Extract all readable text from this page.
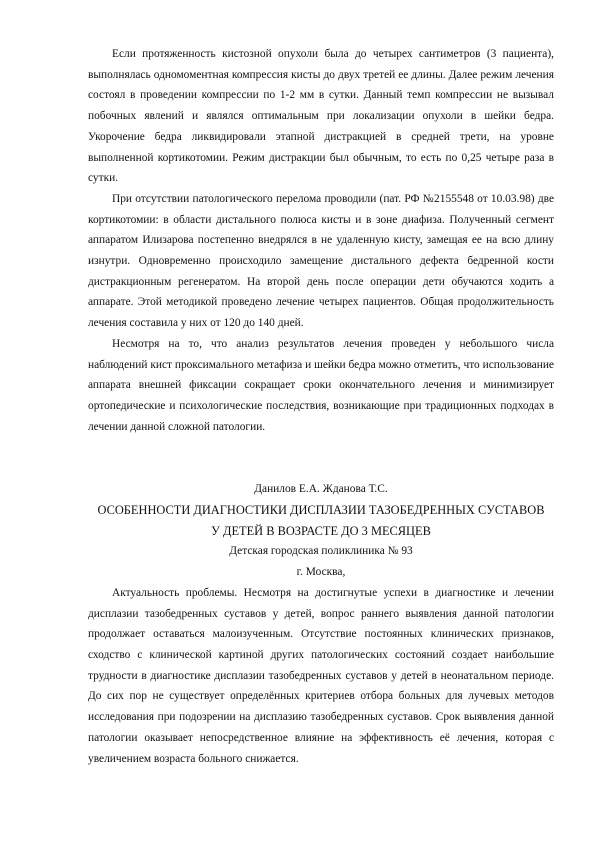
Если протяженность кистозной опухоли была до четырех сантиметров (3 пациента), выполнялась одномоментная компрессия кисты до двух третей ее длины. Далее режим лечения состоял в проведении компрессии по 1-2 мм в сутки. Данный темп компрессии не вызывал побочных явлений и являлся оптимальным при локализации опухоли в шейки бедра. Укорочение бедра ликвидировали этапной дистракцией в средней трети, на уровне выполненной кортикотомии. Режим дистракции был обычным, то есть по 0,25 четыре раза в сутки.

При отсутствии патологического перелома проводили (пат. РФ №2155548 от 10.03.98) две кортикотомии: в области дистального полюса кисты и в зоне диафиза. Полученный сегмент аппаратом Илизарова постепенно внедрялся в не удаленную кисту, замещая ее на всю длину изнутри. Одновременно происходило замещение дистального дефекта бедренной кости дистракционным регенератом. На второй день после операции дети обучаются ходить а аппарате. Этой методикой проведено лечение четырех пациентов. Общая продолжительность лечения составила у них от 120 до 140 дней.

Несмотря на то, что анализ результатов лечения проведен у небольшого числа наблюдений кист проксимального метафиза и шейки бедра можно отметить, что использование аппарата внешней фиксации сокращает сроки окончательного лечения и минимизирует ортопедические и психологические последствия, возникающие при традиционных подходах в лечении данной сложной патологии.

Данилов Е.А. Жданова Т.С.

ОСОБЕННОСТИ ДИАГНОСТИКИ ДИСПЛАЗИИ ТАЗОБЕДРЕННЫХ СУСТАВОВ

У ДЕТЕЙ В ВОЗРАСТЕ ДО 3 МЕСЯЦЕВ

Детская городская поликлиника № 93

г. Москва,

Актуальность проблемы. Несмотря на достигнутые успехи в диагностике и лечении дисплазии тазобедренных суставов у детей, вопрос раннего выявления данной патологии продолжает оставаться малоизученным. Отсутствие постоянных клинических признаков, сходство с клинической картиной других патологических состояний создает наибольшие трудности в диагностике дисплазии тазобедренных суставов у детей в неонатальном периоде. До сих пор не существует определённых критериев отбора больных для лучевых методов исследования при подозрении на дисплазию тазобедренных суставов. Срок выявления данной патологии оказывает непосредственное влияние на эффективность её лечения, которая с увеличением возраста больного снижается.
